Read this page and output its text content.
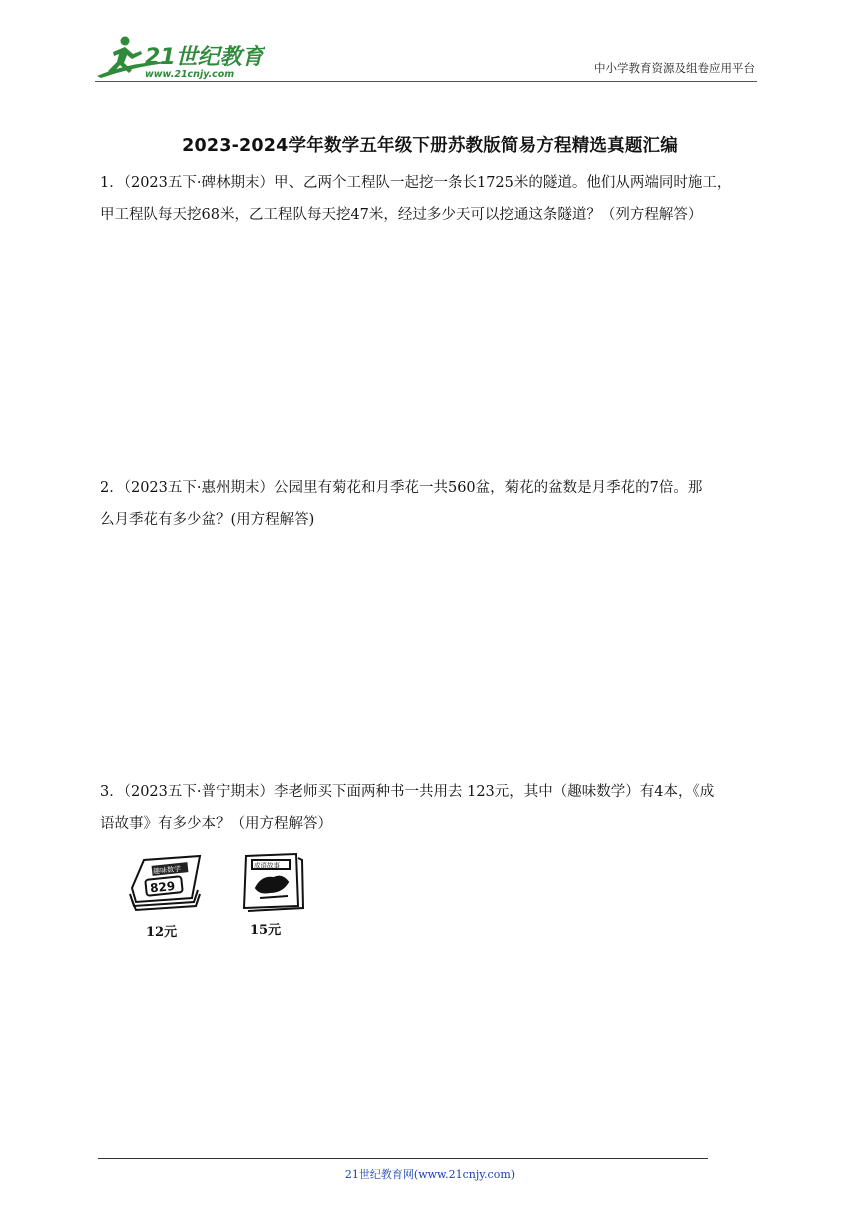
21世纪教育
www.21cnjy.com	中小学教育资源及组卷应用平台
2023-2024学年数学五年级下册苏教版简易方程精选真题汇编

1．（2023五下·碑林期末）甲、乙两个工程队一起挖一条长1725米的隧道。他们从两端同时施工，

甲工程队每天挖68米，乙工程队每天挖47米，经过多少天可以挖通这条隧道？（列方程解答）

2．（2023五下·惠州期末）公园里有菊花和月季花一共560盆，菊花的盆数是月季花的7倍。那

么月季花有多少盆？(用方程解答)

3．（2023五下·普宁期末）李老师买下面两种书一共用去 123元，其中（趣味数学）有4本，《成

语故事》有多少本？（用方程解答）

趣味数学
829
12元
成语故事
15元
21世纪教育网(www.21cnjy.com)
